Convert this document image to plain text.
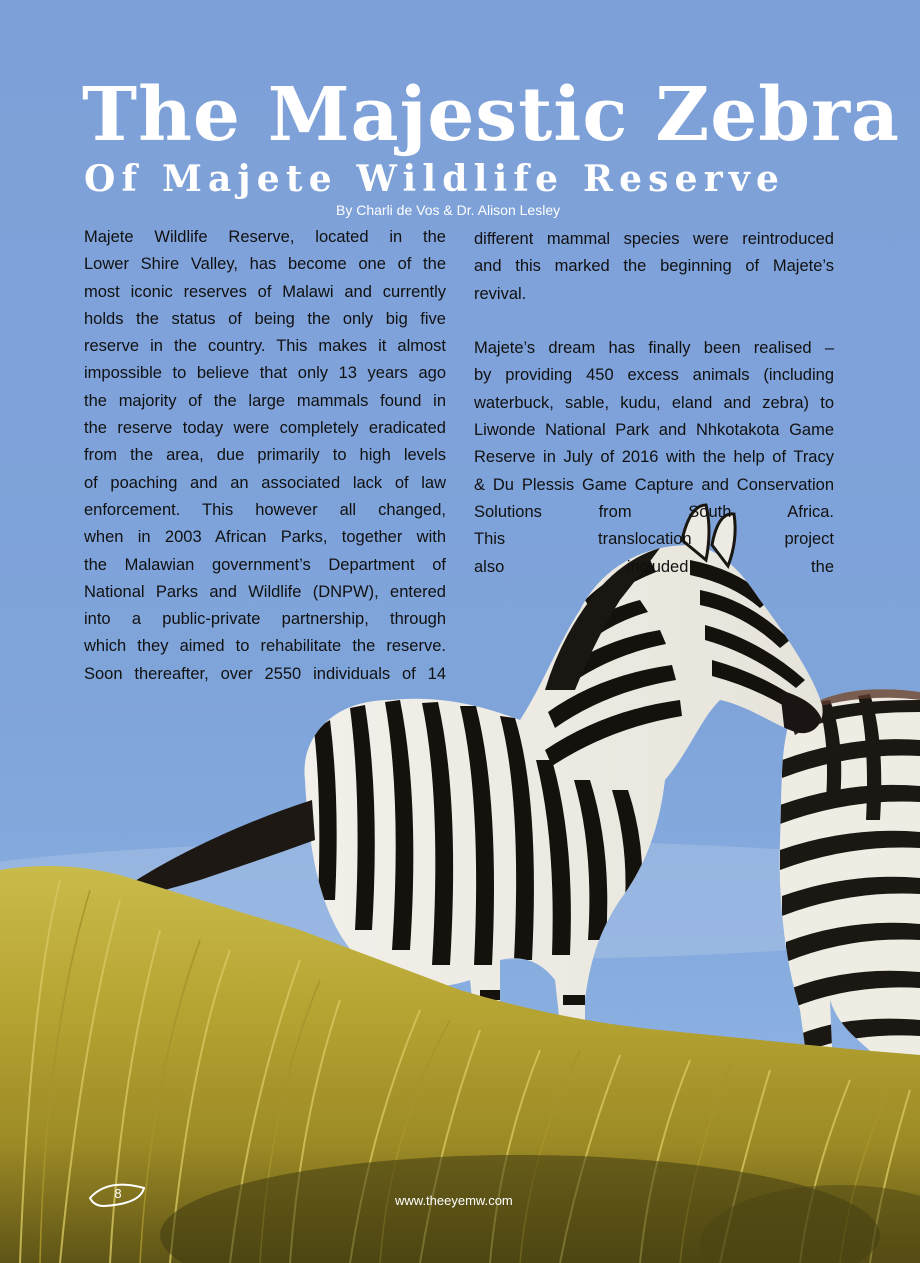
The Majestic Zebra
Of Majete Wildlife Reserve

By Charli de Vos & Dr. Alison Lesley

Majete Wildlife Reserve, located in the

Lower Shire Valley, has become one of the

most iconic reserves of Malawi and currently

holds the status of being the only big five

reserve in the country. This makes it almost

impossible to believe that only 13 years ago

the majority of the large mammals found in

the reserve today were completely eradicated

from the area, due primarily to high levels

of poaching and an associated lack of law

enforcement. This however all changed,

when in 2003 African Parks, together with

the Malawian government’s Department of

National Parks and Wildlife (DNPW), entered

into a public-private partnership, through

which they aimed to rehabilitate the reserve.

Soon thereafter, over 2550 individuals of 14

different mammal species were reintroduced

and this marked the beginning of Majete’s

revival.

Majete’s dream has finally been realised –

by providing 450 excess animals (including

waterbuck, sable, kudu, eland and zebra) to

Liwonde National Park and Nhkotakota Game

Reserve in July of 2016 with the help of Tracy

& Du Plessis Game Capture and Conservation

Solutions from South Africa.

This translocation project

also included the

8	www.theeyemw.com
